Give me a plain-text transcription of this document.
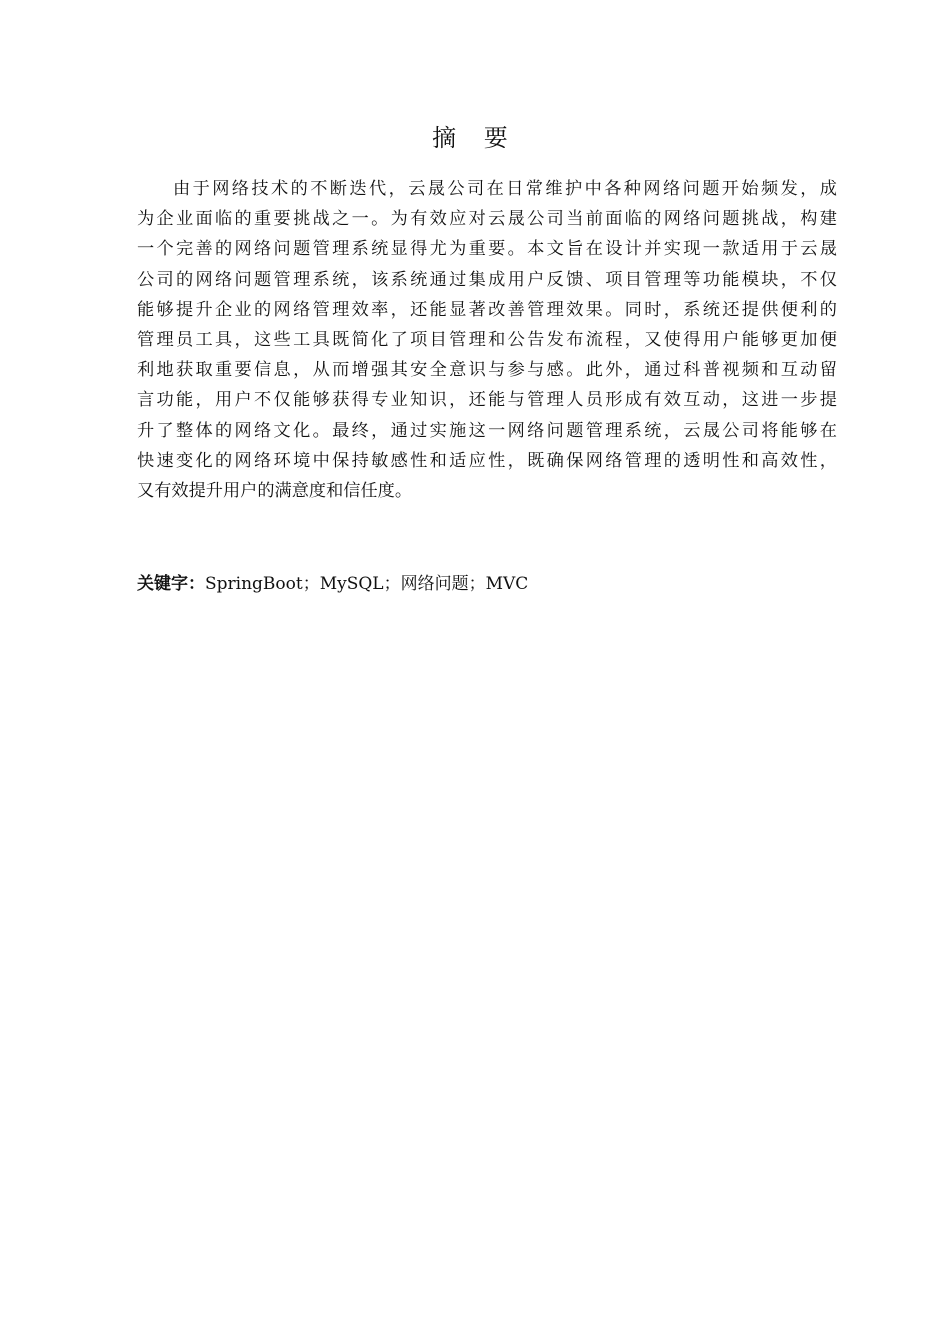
摘 要
由于网络技术的不断迭代，云晟公司在日常维护中各种网络问题开始频发，成
为企业面临的重要挑战之一。为有效应对云晟公司当前面临的网络问题挑战，构建
一个完善的网络问题管理系统显得尤为重要。本文旨在设计并实现一款适用于云晟
公司的网络问题管理系统，该系统通过集成用户反馈、项目管理等功能模块，不仅
能够提升企业的网络管理效率，还能显著改善管理效果。同时，系统还提供便利的
管理员工具，这些工具既简化了项目管理和公告发布流程，又使得用户能够更加便
利地获取重要信息，从而增强其安全意识与参与感。此外，通过科普视频和互动留
言功能，用户不仅能够获得专业知识，还能与管理人员形成有效互动，这进一步提
升了整体的网络文化。最终，通过实施这一网络问题管理系统，云晟公司将能够在
快速变化的网络环境中保持敏感性和适应性，既确保网络管理的透明性和高效性，
又有效提升用户的满意度和信任度。

关键字：SpringBoot；MySQL；网络问题；MVC
